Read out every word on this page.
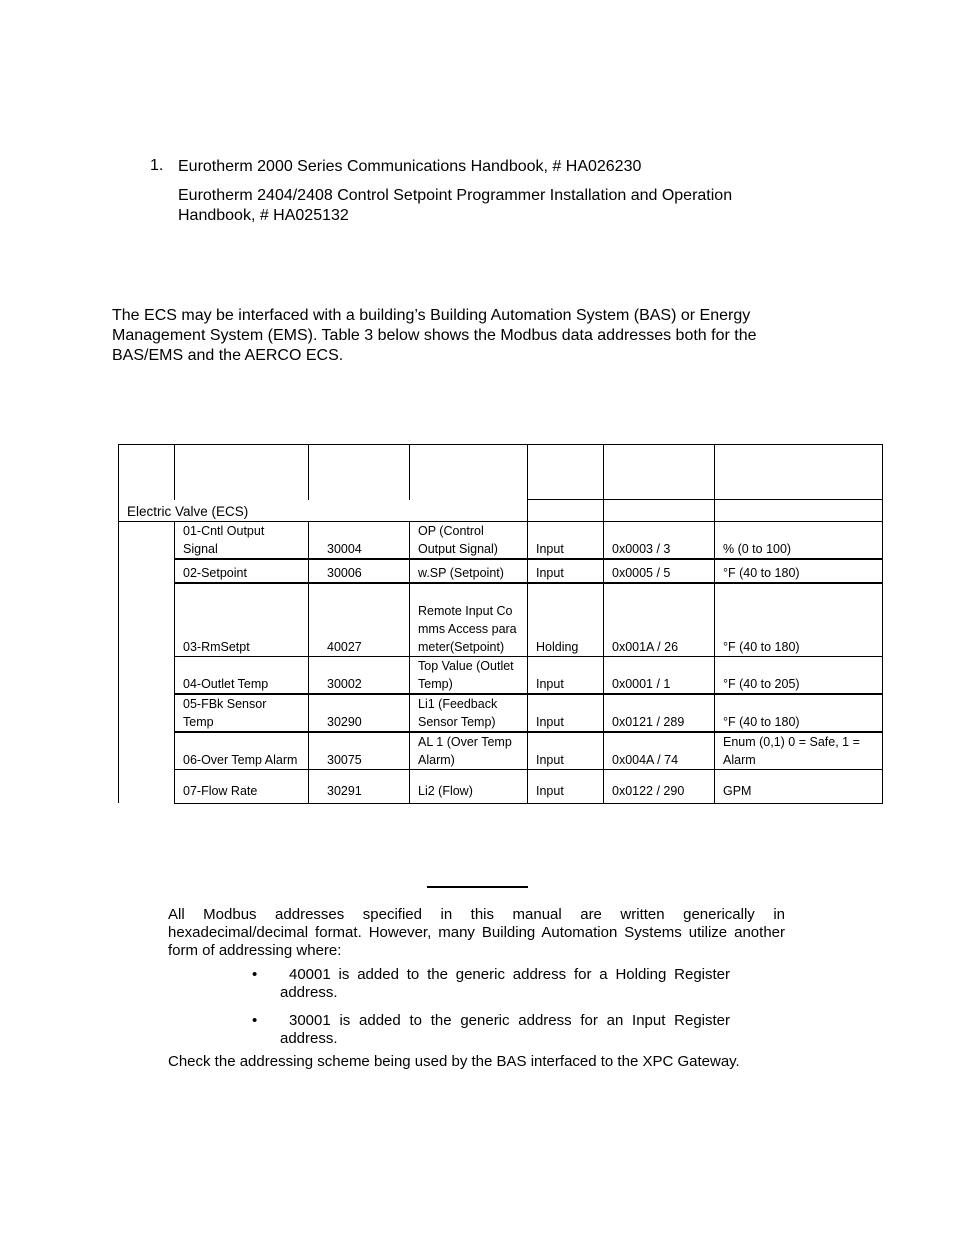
1. Eurotherm 2000 Series Communications Handbook, # HA026230
Eurotherm 2404/2408 Control Setpoint Programmer Installation and Operation
Handbook, # HA025132
The ECS may be interfaced with a building’s Building Automation System (BAS) or Energy Management System (EMS). Table 3 below shows the Modbus data addresses both for the BAS/EMS and the AERCO ECS.

Electric Valve (ECS)						
	01-Cntl Output Signal	30004	OP (Control Output Signal)	Input	0x0003 / 3	% (0 to 100)
	02-Setpoint	30006	w.SP (Setpoint)	Input	0x0005 / 5	°F (40 to 180)
	03-RmSetpt	40027	Remote Input Comms Access parameter(Setpoint)	Holding	0x001A / 26	°F (40 to 180)
	04-Outlet Temp	30002	Top Value (Outlet Temp)	Input	0x0001 / 1	°F (40 to 205)
	05-FBk Sensor Temp	30290	Li1 (Feedback Sensor Temp)	Input	0x0121 / 289	°F (40 to 180)
	06-Over Temp Alarm	30075	AL 1 (Over Temp Alarm)	Input	0x004A / 74	Enum (0,1) 0 = Safe, 1 = Alarm
	07-Flow Rate	30291	Li2 (Flow)	Input	0x0122 / 290	GPM
All Modbus addresses specified in this manual are written generically in hexadecimal/decimal format. However, many Building Automation Systems utilize another form of addressing where:
•	40001 is added to the generic address for a Holding Register address.
•	30001 is added to the generic address for an Input Register address.
Check the addressing scheme being used by the BAS interfaced to the XPC Gateway.
